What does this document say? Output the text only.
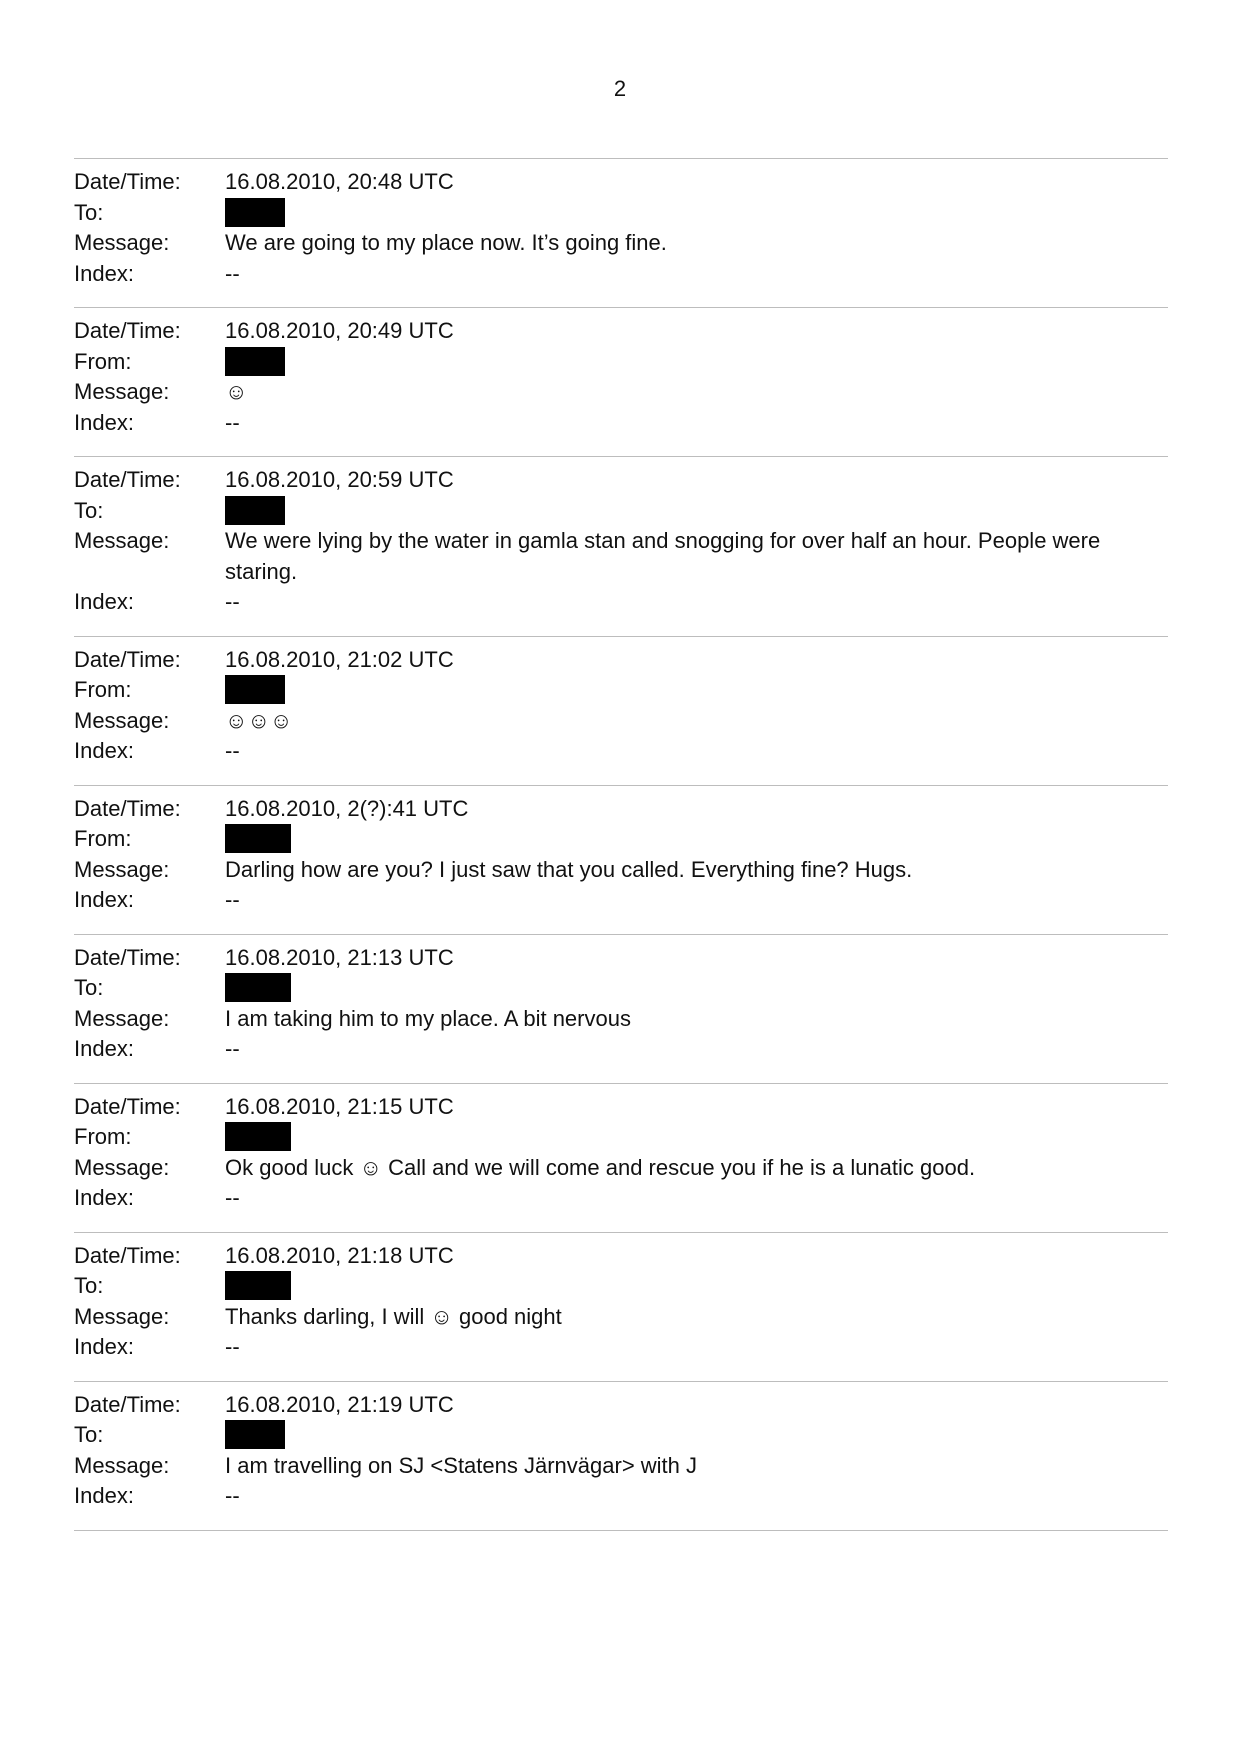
2
Date/Time:	16.08.2010, 20:48 UTC
To:
Message:	We are going to my place now. It’s going fine.
Index:	--
Date/Time:	16.08.2010, 20:49 UTC
From:
Message:	☺
Index:	--
Date/Time:	16.08.2010, 20:59 UTC
To:
Message:	We were lying by the water in gamla stan and snogging for over half an hour. People were staring.
Index:	--
Date/Time:	16.08.2010, 21:02 UTC
From:
Message:	☺☺☺
Index:	--
Date/Time:	16.08.2010, 2(?):41 UTC
From:
Message:	Darling how are you? I just saw that you called. Everything fine? Hugs.
Index:	--
Date/Time:	16.08.2010, 21:13 UTC
To:
Message:	I am taking him to my place. A bit nervous
Index:	--
Date/Time:	16.08.2010, 21:15 UTC
From:
Message:	Ok good luck ☺ Call and we will come and rescue you if he is a lunatic good.
Index:	--
Date/Time:	16.08.2010, 21:18 UTC
To:
Message:	Thanks darling, I will ☺ good night
Index:	--
Date/Time:	16.08.2010, 21:19 UTC
To:
Message:	I am travelling on SJ <Statens Järnvägar> with J
Index:	--
